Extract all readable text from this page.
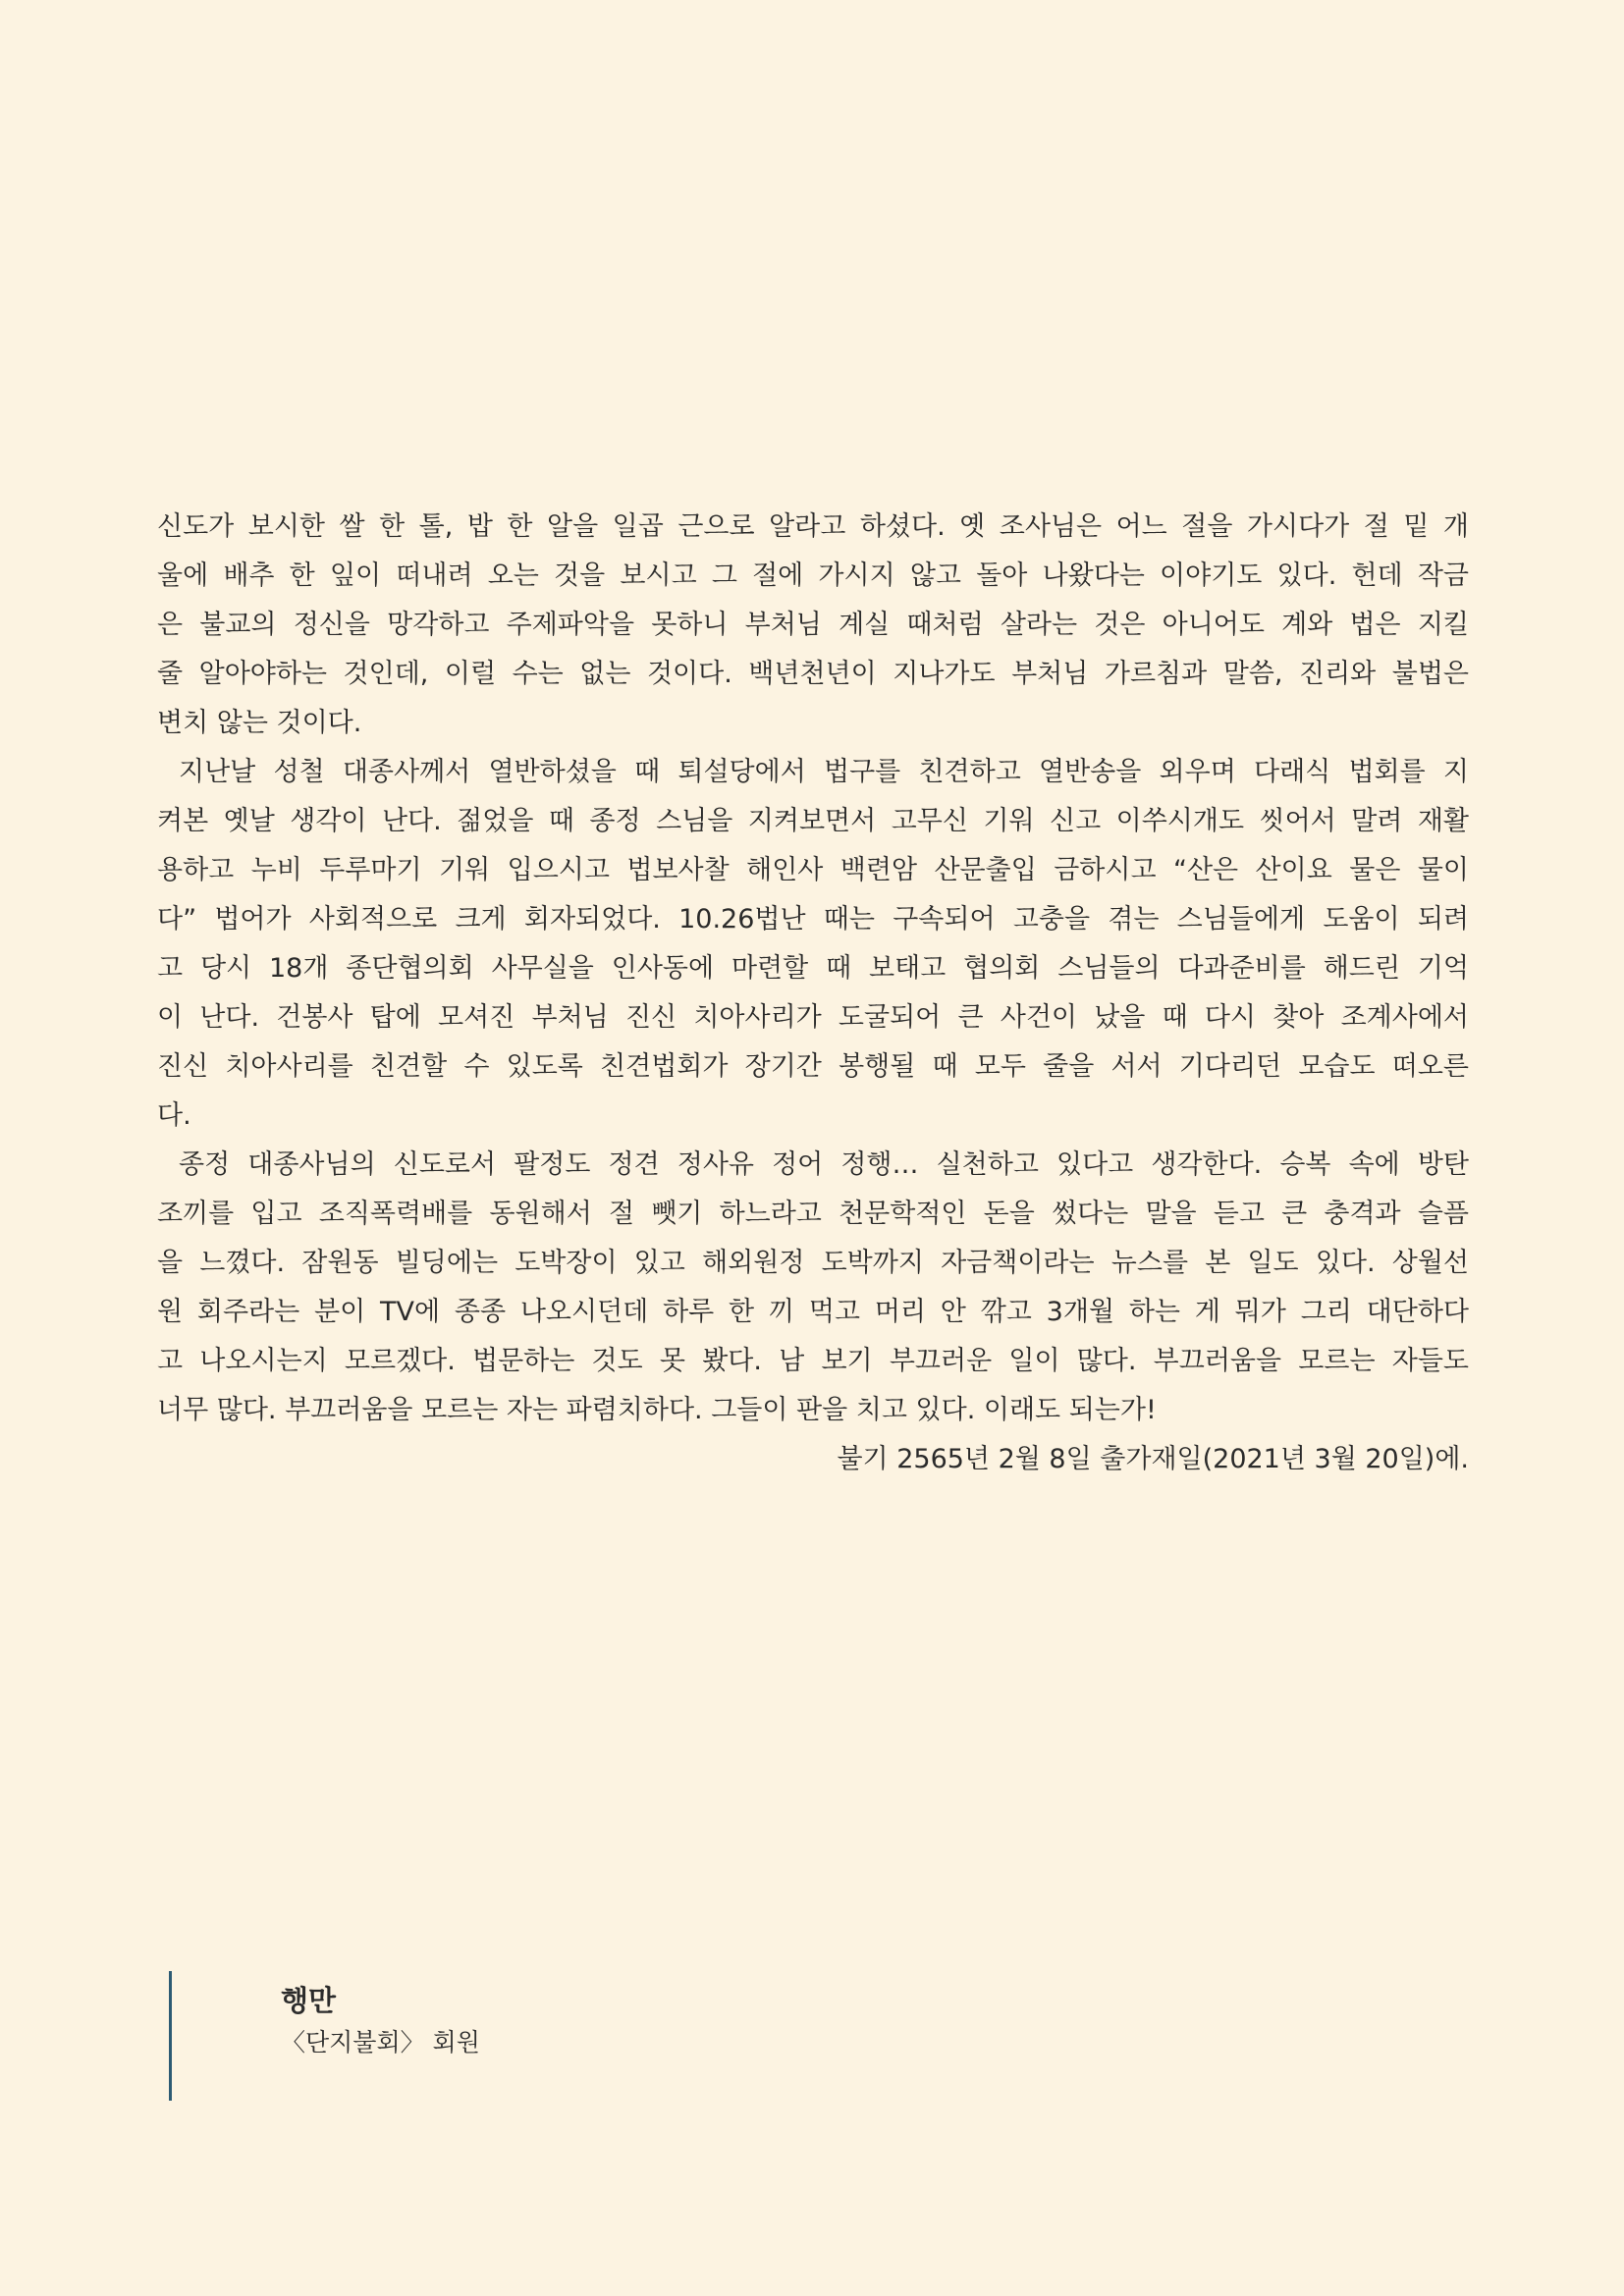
신도가 보시한 쌀 한 톨, 밥 한 알을 일곱 근으로 알라고 하셨다. 옛 조사님은 어느 절을 가시다가 절 밑 개
울에 배추 한 잎이 떠내려 오는 것을 보시고 그 절에 가시지 않고 돌아 나왔다는 이야기도 있다. 헌데 작금
은 불교의 정신을 망각하고 주제파악을 못하니 부처님 계실 때처럼 살라는 것은 아니어도 계와 법은 지킬
줄 알아야하는 것인데, 이럴 수는 없는 것이다. 백년천년이 지나가도 부처님 가르침과 말씀, 진리와 불법은
변치 않는 것이다.
지난날 성철 대종사께서 열반하셨을 때 퇴설당에서 법구를 친견하고 열반송을 외우며 다래식 법회를 지
켜본 옛날 생각이 난다. 젊었을 때 종정 스님을 지켜보면서 고무신 기워 신고 이쑤시개도 씻어서 말려 재활
용하고 누비 두루마기 기워 입으시고 법보사찰 해인사 백련암 산문출입 금하시고 “산은 산이요 물은 물이
다” 법어가 사회적으로 크게 회자되었다. 10.26법난 때는 구속되어 고충을 겪는 스님들에게 도움이 되려
고 당시 18개 종단협의회 사무실을 인사동에 마련할 때 보태고 협의회 스님들의 다과준비를 해드린 기억
이 난다. 건봉사 탑에 모셔진 부처님 진신 치아사리가 도굴되어 큰 사건이 났을 때 다시 찾아 조계사에서
진신 치아사리를 친견할 수 있도록 친견법회가 장기간 봉행될 때 모두 줄을 서서 기다리던 모습도 떠오른
다.
종정 대종사님의 신도로서 팔정도 정견 정사유 정어 정행… 실천하고 있다고 생각한다. 승복 속에 방탄
조끼를 입고 조직폭력배를 동원해서 절 뺏기 하느라고 천문학적인 돈을 썼다는 말을 듣고 큰 충격과 슬픔
을 느꼈다. 잠원동 빌딩에는 도박장이 있고 해외원정 도박까지 자금책이라는 뉴스를 본 일도 있다. 상월선
원 회주라는 분이 TV에 종종 나오시던데 하루 한 끼 먹고 머리 안 깎고 3개월 하는 게 뭐가 그리 대단하다
고 나오시는지 모르겠다. 법문하는 것도 못 봤다. 남 보기 부끄러운 일이 많다. 부끄러움을 모르는 자들도
너무 많다. 부끄러움을 모르는 자는 파렴치하다. 그들이 판을 치고 있다. 이래도 되는가!
불기 2565년 2월 8일 출가재일(2021년 3월 20일)에.
행만
〈단지불회〉 회원
